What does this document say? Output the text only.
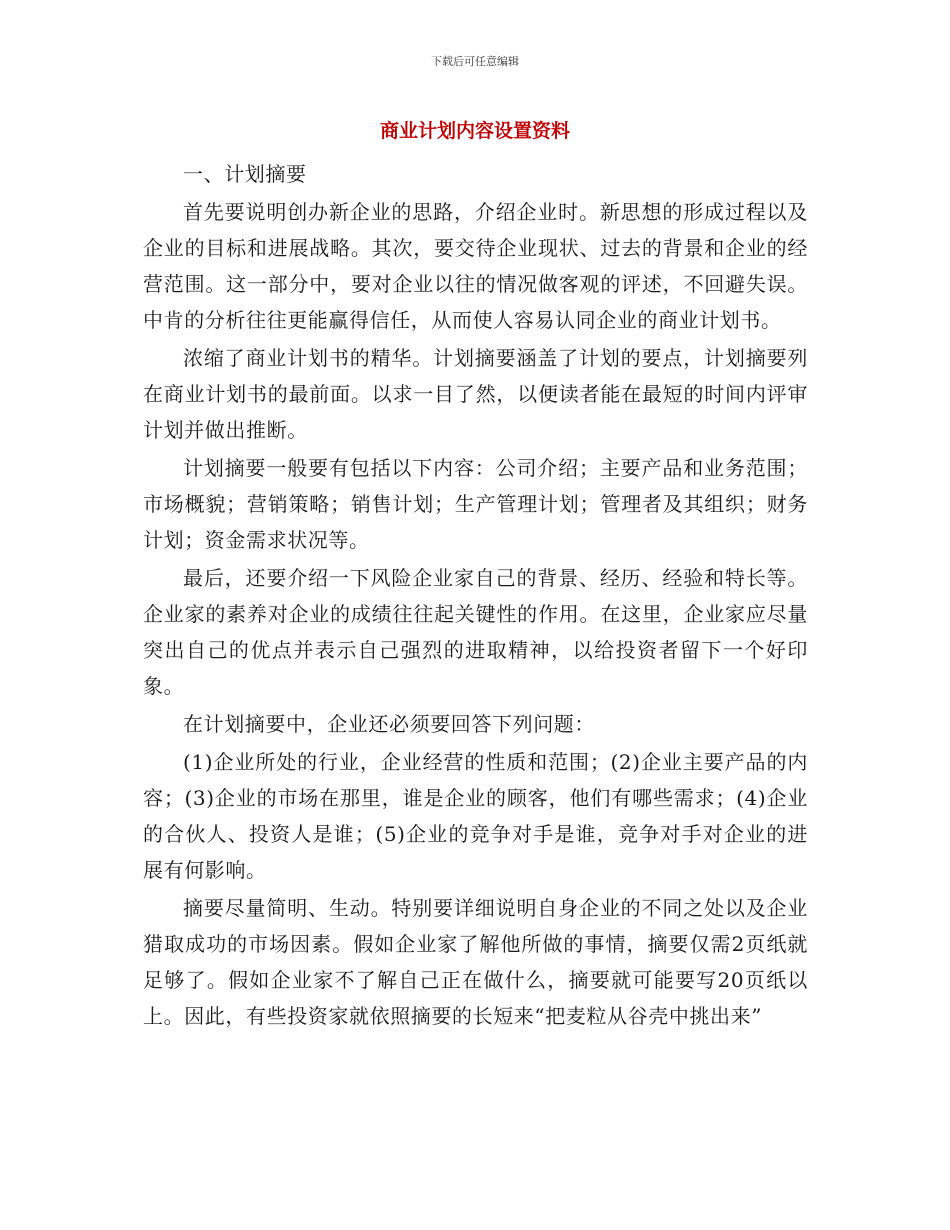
下载后可任意编辑
商业计划内容设置资料

一、计划摘要

首先要说明创办新企业的思路，介绍企业时。新思想的形成过程以及企业的目标和进展战略。其次，要交待企业现状、过去的背景和企业的经营范围。这一部分中，要对企业以往的情况做客观的评述，不回避失误。中肯的分析往往更能赢得信任，从而使人容易认同企业的商业计划书。

浓缩了商业计划书的精华。计划摘要涵盖了计划的要点，计划摘要列在商业计划书的最前面。以求一目了然，以便读者能在最短的时间内评审计划并做出推断。

计划摘要一般要有包括以下内容：公司介绍；主要产品和业务范围；市场概貌；营销策略；销售计划；生产管理计划；管理者及其组织；财务计划；资金需求状况等。

最后，还要介绍一下风险企业家自己的背景、经历、经验和特长等。企业家的素养对企业的成绩往往起关键性的作用。在这里，企业家应尽量突出自己的优点并表示自己强烈的进取精神，以给投资者留下一个好印象。

在计划摘要中，企业还必须要回答下列问题：

(1)企业所处的行业，企业经营的性质和范围；(2)企业主要产品的内容；(3)企业的市场在那里，谁是企业的顾客，他们有哪些需求；(4)企业的合伙人、投资人是谁；(5)企业的竞争对手是谁，竞争对手对企业的进展有何影响。

摘要尽量简明、生动。特别要详细说明自身企业的不同之处以及企业猎取成功的市场因素。假如企业家了解他所做的事情，摘要仅需2页纸就足够了。假如企业家不了解自己正在做什么，摘要就可能要写20页纸以上。因此，有些投资家就依照摘要的长短来“把麦粒从谷壳中挑出来”
